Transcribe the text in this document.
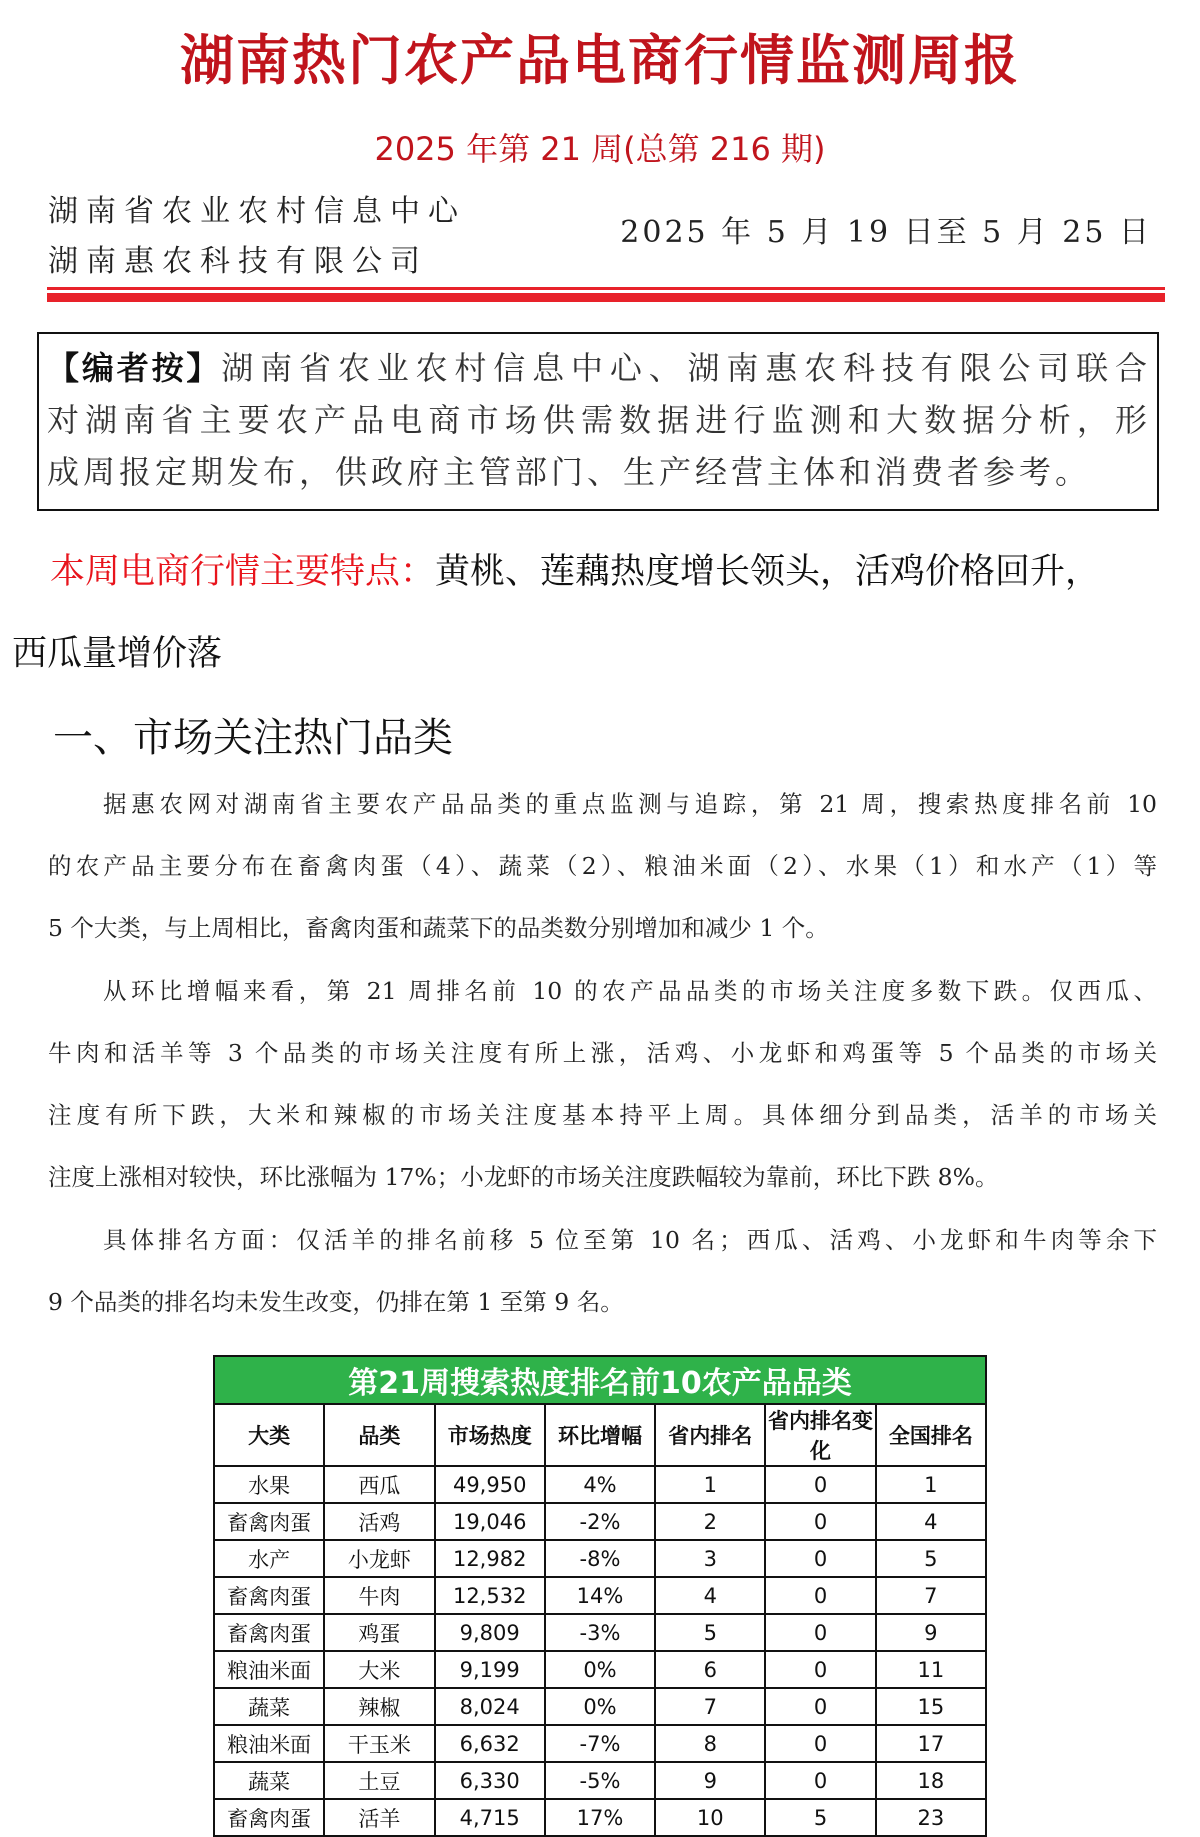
湖南热门农产品电商行情监测周报
2025 年第 21 周(总第 216 期)
湖南省农业农村信息中心
湖南惠农科技有限公司
2025 年 5 月 19 日至 5 月 25 日
【编者按】湖南省农业农村信息中心、湖南惠农科技有限公司联合
对湖南省主要农产品电商市场供需数据进行监测和大数据分析，形
成周报定期发布，供政府主管部门、生产经营主体和消费者参考。
本周电商行情主要特点：黄桃、莲藕热度增长领头，活鸡价格回升，
西瓜量增价落
一、市场关注热门品类
据惠农网对湖南省主要农产品品类的重点监测与追踪，第 21 周，搜索热度排名前 10
的农产品主要分布在畜禽肉蛋（4）、蔬菜（2）、粮油米面（2）、水果（1）和水产（1）等
5 个大类，与上周相比，畜禽肉蛋和蔬菜下的品类数分别增加和减少 1 个。
从环比增幅来看，第 21 周排名前 10 的农产品品类的市场关注度多数下跌。仅西瓜、
牛肉和活羊等 3 个品类的市场关注度有所上涨，活鸡、小龙虾和鸡蛋等 5 个品类的市场关
注度有所下跌，大米和辣椒的市场关注度基本持平上周。具体细分到品类，活羊的市场关
注度上涨相对较快，环比涨幅为 17%；小龙虾的市场关注度跌幅较为靠前，环比下跌 8%。
具体排名方面：仅活羊的排名前移 5 位至第 10 名；西瓜、活鸡、小龙虾和牛肉等余下
9 个品类的排名均未发生改变，仍排在第 1 至第 9 名。
第21周搜索热度排名前10农产品品类						
大类	品类	市场热度	环比增幅	省内排名	省内排名变化	全国排名
水果	西瓜	49,950	4%	1	0	1
畜禽肉蛋	活鸡	19,046	-2%	2	0	4
水产	小龙虾	12,982	-8%	3	0	5
畜禽肉蛋	牛肉	12,532	14%	4	0	7
畜禽肉蛋	鸡蛋	9,809	-3%	5	0	9
粮油米面	大米	9,199	0%	6	0	11
蔬菜	辣椒	8,024	0%	7	0	15
粮油米面	干玉米	6,632	-7%	8	0	17
蔬菜	土豆	6,330	-5%	9	0	18
畜禽肉蛋	活羊	4,715	17%	10	5	23
